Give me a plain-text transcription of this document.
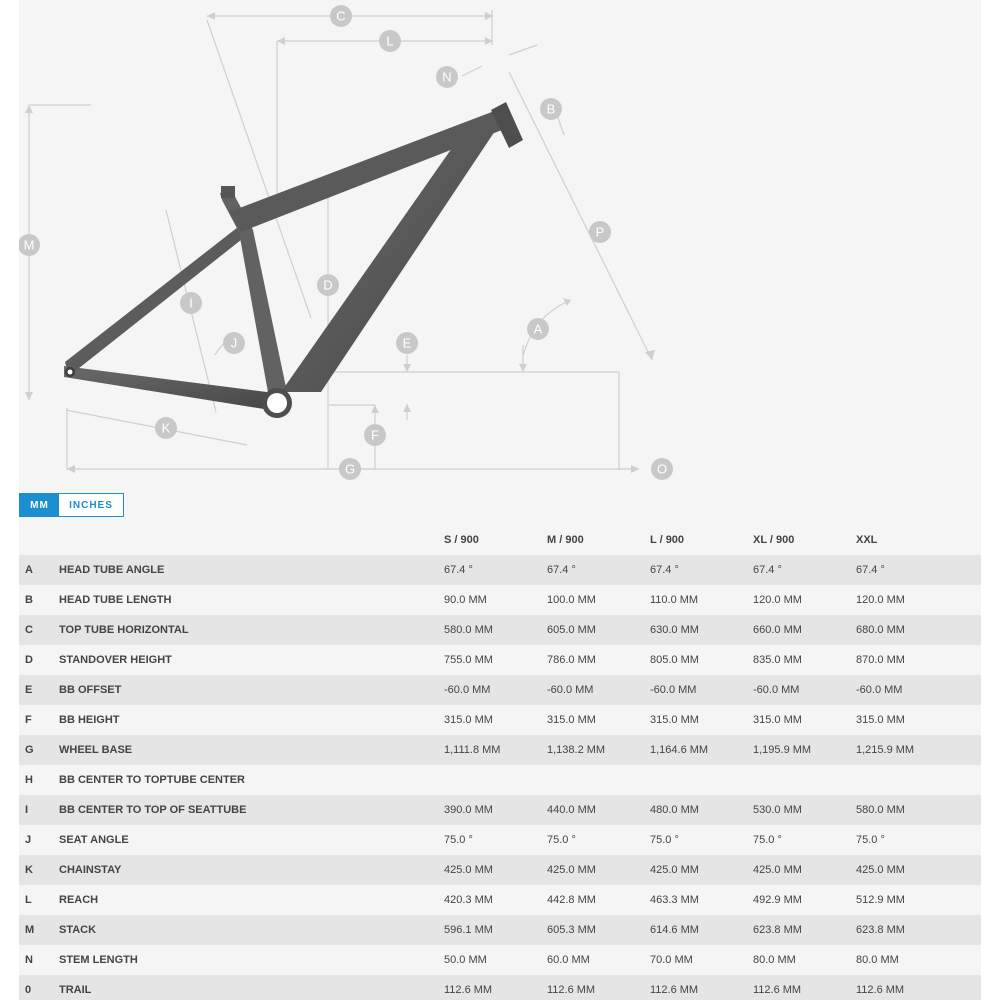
C
L
N
B
P
M
D
I
A
J	E
K	F
G	O
MM	INCHES
		S / 900	M / 900	L / 900	XL / 900	XXL
A	HEAD TUBE ANGLE	67.4 °	67.4 °	67.4 °	67.4 °	67.4 °
B	HEAD TUBE LENGTH	90.0 MM	100.0 MM	110.0 MM	120.0 MM	120.0 MM
C	TOP TUBE HORIZONTAL	580.0 MM	605.0 MM	630.0 MM	660.0 MM	680.0 MM
D	STANDOVER HEIGHT	755.0 MM	786.0 MM	805.0 MM	835.0 MM	870.0 MM
E	BB OFFSET	-60.0 MM	-60.0 MM	-60.0 MM	-60.0 MM	-60.0 MM
F	BB HEIGHT	315.0 MM	315.0 MM	315.0 MM	315.0 MM	315.0 MM
G	WHEEL BASE	1,111.8 MM	1,138.2 MM	1,164.6 MM	1,195.9 MM	1,215.9 MM
H	BB CENTER TO TOPTUBE CENTER					
I	BB CENTER TO TOP OF SEATTUBE	390.0 MM	440.0 MM	480.0 MM	530.0 MM	580.0 MM
J	SEAT ANGLE	75.0 °	75.0 °	75.0 °	75.0 °	75.0 °
K	CHAINSTAY	425.0 MM	425.0 MM	425.0 MM	425.0 MM	425.0 MM
L	REACH	420.3 MM	442.8 MM	463.3 MM	492.9 MM	512.9 MM
M	STACK	596.1 MM	605.3 MM	614.6 MM	623.8 MM	623.8 MM
N	STEM LENGTH	50.0 MM	60.0 MM	70.0 MM	80.0 MM	80.0 MM
0	TRAIL	112.6 MM	112.6 MM	112.6 MM	112.6 MM	112.6 MM
